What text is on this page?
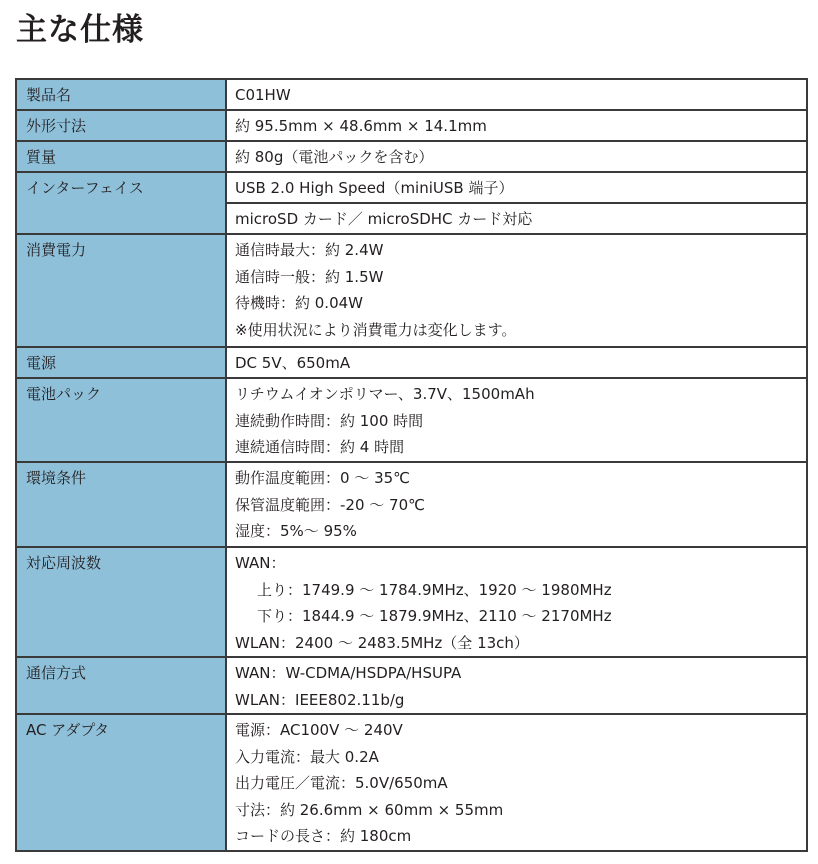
主な仕様
製品名	C01HW

外形寸法	約 95.5mm × 48.6mm × 14.1mm

質量	約 80g（電池パックを含む）

インターフェイス	USB 2.0 High Speed（miniUSB 端子）

	microSD カード／ microSDHC カード対応

消費電力	通信時最大：約 2.4W
通信時一般：約 1.5W
待機時：約 0.04W
※使用状況により消費電力は変化します。

電源	DC 5V、650mA

電池パック	リチウムイオンポリマー、3.7V、1500mAh
連続動作時間：約 100 時間
連続通信時間：約 4 時間

環境条件	動作温度範囲：0 ～ 35℃
保管温度範囲：-20 ～ 70℃
湿度：5%～ 95%

対応周波数	WAN：
上り：1749.9 ～ 1784.9MHz、1920 ～ 1980MHz
下り：1844.9 ～ 1879.9MHz、2110 ～ 2170MHz
WLAN：2400 ～ 2483.5MHz（全 13ch）

通信方式	WAN：W-CDMA/HSDPA/HSUPA
WLAN：IEEE802.11b/g

AC アダプタ	電源：AC100V ～ 240V
入力電流：最大 0.2A
出力電圧／電流：5.0V/650mA
寸法：約 26.6mm × 60mm × 55mm
コードの長さ：約 180cm
